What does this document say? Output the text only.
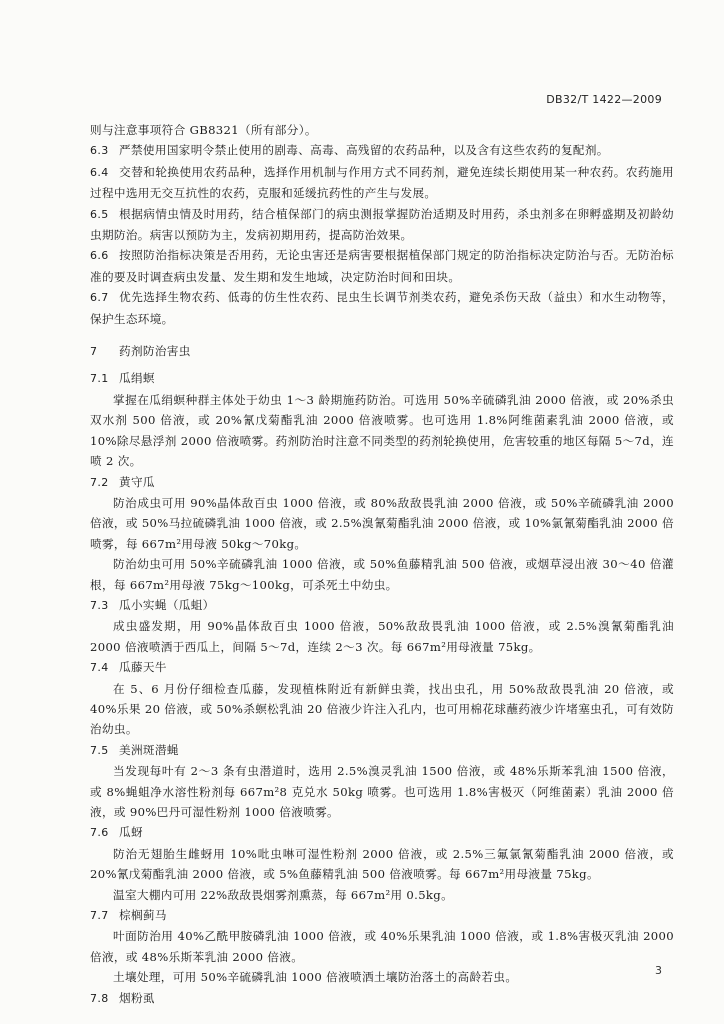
DB32/T 1422—2009

则与注意事项符合 GB8321（所有部分）。

6.3 严禁使用国家明令禁止使用的剧毒、高毒、高残留的农药品种，以及含有这些农药的复配剂。

6.4 交替和轮换使用农药品种，选择作用机制与作用方式不同药剂，避免连续长期使用某一种农药。农药施用过程中选用无交互抗性的农药，克服和延缓抗药性的产生与发展。

6.5 根据病情虫情及时用药，结合植保部门的病虫测报掌握防治适期及时用药，杀虫剂多在卵孵盛期及初龄幼虫期防治。病害以预防为主，发病初期用药，提高防治效果。

6.6 按照防治指标决策是否用药，无论虫害还是病害要根据植保部门规定的防治指标决定防治与否。无防治标准的要及时调查病虫发量、发生期和发生地域，决定防治时间和田块。

6.7 优先选择生物农药、低毒的仿生性农药、昆虫生长调节剂类农药，避免杀伤天敌（益虫）和水生动物等，保护生态环境。

7 药剂防治害虫

7.1 瓜绢螟

掌握在瓜绢螟种群主体处于幼虫 1～3 龄期施药防治。可选用 50%辛硫磷乳油 2000 倍液，或 20%杀虫双水剂 500 倍液，或 20%氰戊菊酯乳油 2000 倍液喷雾。也可选用 1.8%阿维菌素乳油 2000 倍液，或 10%除尽悬浮剂 2000 倍液喷雾。药剂防治时注意不同类型的药剂轮换使用，危害较重的地区每隔 5～7d，连喷 2 次。

7.2 黄守瓜

防治成虫可用 90%晶体敌百虫 1000 倍液，或 80%敌敌畏乳油 2000 倍液，或 50%辛硫磷乳油 2000 倍液，或 50%马拉硫磷乳油 1000 倍液，或 2.5%溴氰菊酯乳油 2000 倍液，或 10%氯氰菊酯乳油 2000 倍喷雾，每 667m²用母液 50kg～70kg。

防治幼虫可用 50%辛硫磷乳油 1000 倍液，或 50%鱼藤精乳油 500 倍液，或烟草浸出液 30～40 倍灌根，每 667m²用母液 75kg～100kg，可杀死土中幼虫。

7.3 瓜小实蝇（瓜蛆）

成虫盛发期，用 90%晶体敌百虫 1000 倍液，50%敌敌畏乳油 1000 倍液，或 2.5%溴氰菊酯乳油 2000 倍液喷洒于西瓜上，间隔 5～7d，连续 2～3 次。每 667m²用母液量 75kg。

7.4 瓜藤天牛

在 5、6 月份仔细检查瓜藤，发现植株附近有新鲜虫粪，找出虫孔，用 50%敌敌畏乳油 20 倍液，或 40%乐果 20 倍液，或 50%杀螟松乳油 20 倍液少许注入孔内，也可用棉花球蘸药液少许堵塞虫孔，可有效防治幼虫。

7.5 美洲斑潜蝇

当发现每叶有 2～3 条有虫潜道时，选用 2.5%溴灵乳油 1500 倍液，或 48%乐斯苯乳油 1500 倍液，或 8%蝇蛆净水溶性粉剂每 667m²8 克兑水 50kg 喷雾。也可选用 1.8%害极灭（阿维菌素）乳油 2000 倍液，或 90%巴丹可湿性粉剂 1000 倍液喷雾。

7.6 瓜蚜

防治无翅胎生雌蚜用 10%吡虫啉可湿性粉剂 2000 倍液，或 2.5%三氟氯氰菊酯乳油 2000 倍液，或 20%氰戊菊酯乳油 2000 倍液，或 5%鱼藤精乳油 500 倍液喷雾。每 667m²用母液量 75kg。

温室大棚内可用 22%敌敌畏烟雾剂熏蒸，每 667m²用 0.5kg。

7.7 棕榈蓟马

叶面防治用 40%乙酰甲胺磷乳油 1000 倍液，或 40%乐果乳油 1000 倍液，或 1.8%害极灭乳油 2000 倍液，或 48%乐斯苯乳油 2000 倍液。

土壤处理，可用 50%辛硫磷乳油 1000 倍液喷洒土壤防治落土的高龄若虫。

7.8 烟粉虱

3
